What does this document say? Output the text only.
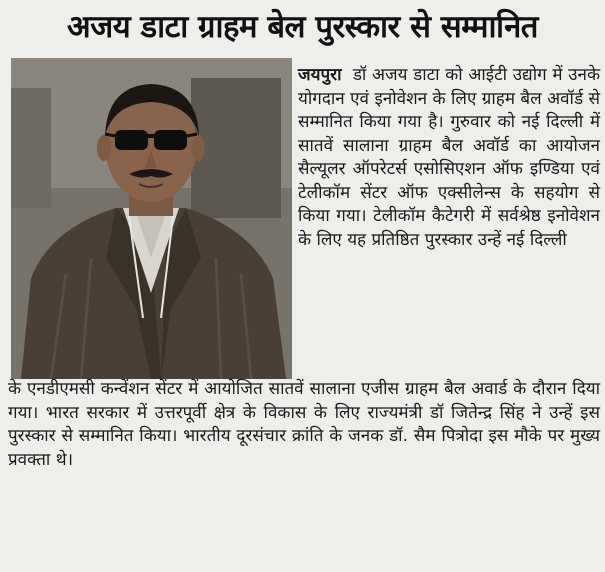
अजय डाटा ग्राहम बेल पुरस्कार से सम्मानित

जयपुरा डॉ अजय डाटा को आईटी उद्योग में उनके योगदान एवं इनोवेशन के लिए ग्राहम बैल अवॉर्ड से सम्मानित किया गया है। गुरुवार को नई दिल्ली में सातवें सालाना ग्राहम बैल अवॉर्ड का आयोजन सैल्यूलर ऑपरेटर्स एसोसिएशन ऑफ इण्डिया एवं टेलीकॉम सेंटर ऑफ एक्सीलेन्स के सहयोग से किया गया। टेलीकॉम कैटेगरी में सर्वश्रेष्ठ इनोवेशन के लिए यह प्रतिष्ठित पुरस्कार उन्हें नई दिल्ली

के एनडीएमसी कन्वेंशन सेंटर में आयोजित सातवें सालाना एजीस ग्राहम बैल अवार्ड के दौरान दिया गया। भारत सरकार में उत्तरपूर्वी क्षेत्र के विकास के लिए राज्यमंत्री डॉ जितेन्द्र सिंह ने उन्हें इस पुरस्कार से सम्मानित किया। भारतीय दूरसंचार क्रांति के जनक डॉ. सैम पित्रोदा इस मौके पर मुख्य प्रवक्ता थे।
